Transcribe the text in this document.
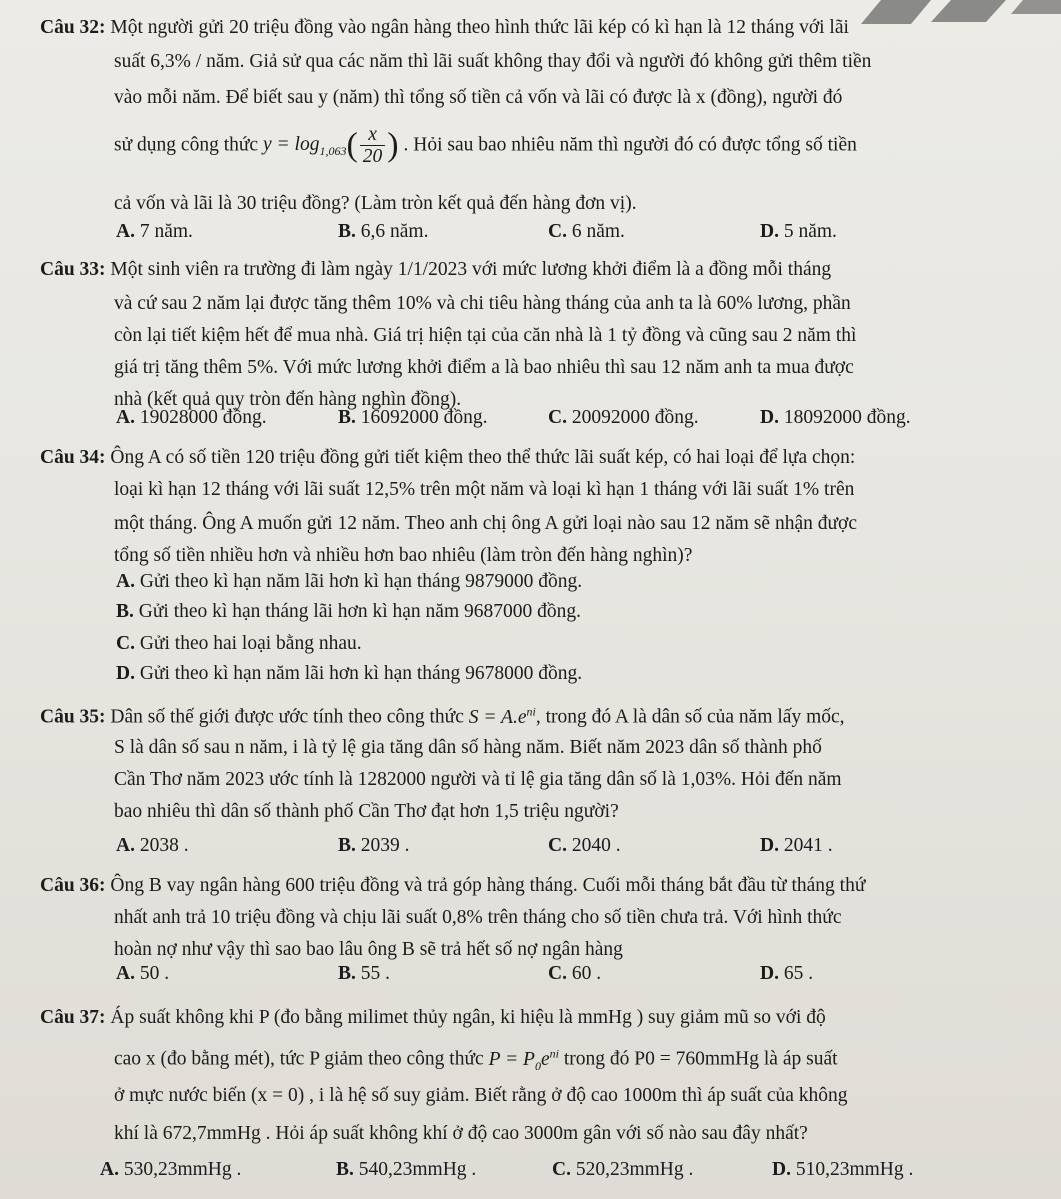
Câu 32: Một người gửi 20 triệu đồng vào ngân hàng theo hình thức lãi kép có kì hạn là 12 tháng với lãi
suất 6,3% / năm. Giả sử qua các năm thì lãi suất không thay đổi và người đó không gửi thêm tiền
vào mỗi năm. Để biết sau y (năm) thì tổng số tiền cả vốn và lãi có được là x (đồng), người đó
sử dụng công thức $y = \log_{1,063}( \frac{x}{20}$ ) . Hỏi sau bao nhiêu năm thì người đó có được tổng số tiền
cả vốn và lãi là 30 triệu đồng? (Làm tròn kết quả đến hàng đơn vị).
A. 7 năm.	B. 6,6 năm.	C. 6 năm.	D. 5 năm.
Câu 33: Một sinh viên ra trường đi làm ngày 1/1/2023 với mức lương khởi điểm là a đồng mỗi tháng
và cứ sau 2 năm lại được tăng thêm 10% và chi tiêu hàng tháng của anh ta là 60% lương, phần
còn lại tiết kiệm hết để mua nhà. Giá trị hiện tại của căn nhà là 1 tỷ đồng và cũng sau 2 năm thì
giá trị tăng thêm 5%. Với mức lương khởi điểm a là bao nhiêu thì sau 12 năm anh ta mua được
nhà (kết quả quy tròn đến hàng nghìn đồng).
A. 19028000 đồng.	B. 16092000 đồng.	C. 20092000 đồng.	D. 18092000 đồng.
Câu 34: Ông A có số tiền 120 triệu đồng gửi tiết kiệm theo thể thức lãi suất kép, có hai loại để lựa chọn:
loại kì hạn 12 tháng với lãi suất 12,5% trên một năm và loại kì hạn 1 tháng với lãi suất 1% trên
một tháng. Ông A muốn gửi 12 năm. Theo anh chị ông A gửi loại nào sau 12 năm sẽ nhận được
tổng số tiền nhiều hơn và nhiều hơn bao nhiêu (làm tròn đến hàng nghìn)?
A. Gửi theo kì hạn năm lãi hơn kì hạn tháng 9879000 đồng.
B. Gửi theo kì hạn tháng lãi hơn kì hạn năm 9687000 đồng.
C. Gửi theo hai loại bằng nhau.
D. Gửi theo kì hạn năm lãi hơn kì hạn tháng 9678000 đồng.
Câu 35: Dân số thế giới được ước tính theo công thức $S = A.e^{ni}$, trong đó A là dân số của năm lấy mốc,
S là dân số sau n năm, i là tỷ lệ gia tăng dân số hàng năm. Biết năm 2023 dân số thành phố
Cần Thơ năm 2023 ước tính là 1282000 người và tỉ lệ gia tăng dân số là 1,03%. Hỏi đến năm
bao nhiêu thì dân số thành phố Cần Thơ đạt hơn 1,5 triệu người?
A. 2038 .	B. 2039 .	C. 2040 .	D. 2041 .
Câu 36: Ông B vay ngân hàng 600 triệu đồng và trả góp hàng tháng. Cuối mỗi tháng bắt đầu từ tháng thứ
nhất anh trả 10 triệu đồng và chịu lãi suất 0,8% trên tháng cho số tiền chưa trả. Với hình thức
hoàn nợ như vậy thì sao bao lâu ông B sẽ trả hết số nợ ngân hàng
A. 50 .	B. 55 .	C. 60 .	D. 65 .
Câu 37: Áp suất không khi P (đo bằng milimet thủy ngân, ki hiệu là mmHg ) suy giảm mũ so với độ
cao x (đo bằng mét), tức P giảm theo công thức $P = P_0e^{ni}$ trong đó P0 = 760mmHg là áp suất
ở mực nước biến (x = 0) , i là hệ số suy giảm. Biết rằng ở độ cao 1000m thì áp suất của không
khí là 672,7mmHg . Hỏi áp suất không khí ở độ cao 3000m gân với số nào sau đây nhất?
A. 530,23mmHg .	B. 540,23mmHg .	C. 520,23mmHg .	D. 510,23mmHg .
